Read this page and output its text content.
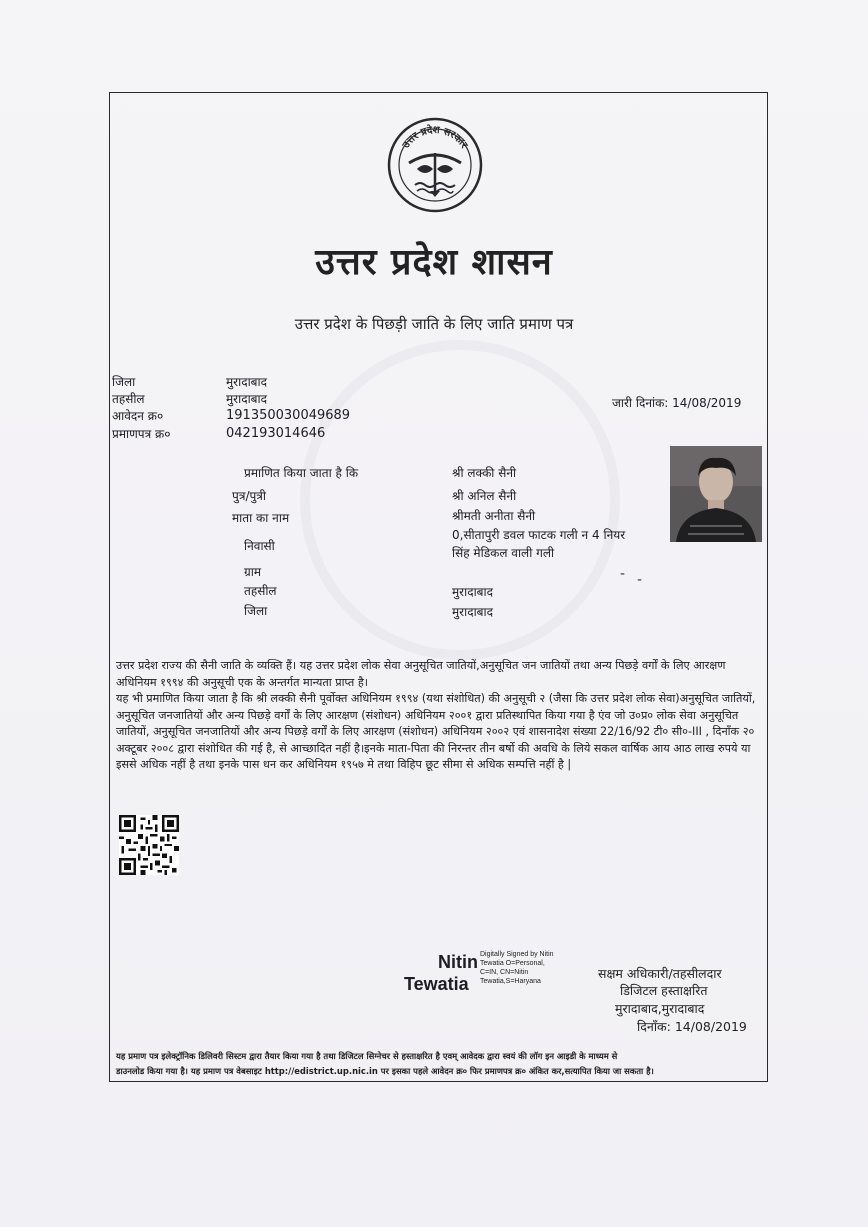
उत्तर प्रदेश सरकार
उत्तर प्रदेश शासन
उत्तर प्रदेश के पिछड़ी जाति के लिए जाति प्रमाण पत्र
जिला	मुरादाबाद
तहसील	मुरादाबाद
आवेदन क्र०	191350030049689
प्रमाणपत्र क्र०	042193014646
जारी दिनांक: 14/08/2019
प्रमाणित किया जाता है कि	श्री लक्की सैनी
पुत्र/पुत्री	श्री अनिल सैनी
माता का नाम	श्रीमती अनीता सैनी
निवासी
0,सीतापुरी डवल फाटक गली न 4 नियर
सिंह मेडिकल वाली गली
ग्राम
तहसील	मुरादाबाद
जिला	मुरादाबाद
- -
उत्तर प्रदेश राज्य की सैनी जाति के व्यक्ति हैं। यह उत्तर प्रदेश लोक सेवा अनुसूचित जातियों,अनुसूचित जन जातियों तथा अन्य पिछड़े वर्गों के लिए आरक्षण अधिनियम १९९४ की अनुसूची एक के अन्तर्गत मान्यता प्राप्त है।
यह भी प्रमाणित किया जाता है कि श्री लक्की सैनी पूर्वोक्त अधिनियम १९९४ (यथा संशोधित) की अनुसूची २ (जैसा कि उत्तर प्रदेश लोक सेवा)अनुसूचित जातियों, अनुसूचित जनजातियों और अन्य पिछड़े वर्गों के लिए आरक्षण (संशोधन) अधिनियम २००१ द्वारा प्रतिस्थापित किया गया है एंव जो उ०प्र० लोक सेवा अनुसूचित जातियों, अनुसूचित जनजातियों और अन्य पिछड़े वर्गों के लिए आरक्षण (संशोधन) अधिनियम २००२ एवं शासनादेश संख्या 22/16/92 टी० सी०-III , दिनाँक २० अक्टूबर २००८ द्वारा संशोधित की गई है, से आच्छादित नहीं है।इनके माता-पिता की निरन्तर तीन बर्षो की अवधि के लिये सकल वार्षिक आय आठ लाख रुपये या इससे अधिक नहीं है तथा इनके पास धन कर अधिनियम १९५७ मे तथा विहिप छूट सीमा से अधिक सम्पत्ति नहीं है |
Nitin
Tewatia
Digitally Signed by Nitin
Tewatia O=Personal,
C=IN, CN=Nitin
Tewatia,S=Haryana
सक्षम अधिकारी/तहसीलदार
डिजिटल हस्ताक्षरित
मुरादाबाद,मुरादाबाद
दिनाँक: 14/08/2019
यह प्रमाण पत्र इलेक्ट्रॉनिक डिलिवरी सिस्टम द्वारा तैयार किया गया है तथा डिजिटल सिग्नेचर से हस्ताक्षरित है एवम् आवेदक द्वारा स्वयं की लॉग इन आइडी के माध्यम से
डाउनलोड किया गया है। यह प्रमाण पत्र वेबसाइट http://edistrict.up.nic.in पर इसका पहले आवेदन क्र० फिर प्रमाणपत्र क्र० अंकित कर,सत्यापित किया जा सकता है।
